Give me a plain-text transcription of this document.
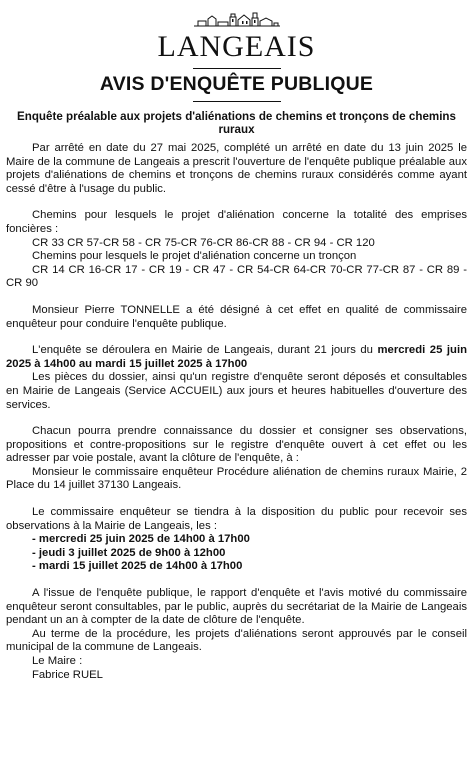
LANGEAIS
AVIS D'ENQUÊTE PUBLIQUE
Enquête préalable aux projets d'aliénations de chemins et tronçons de chemins ruraux

Par arrêté en date du 27 mai 2025, complété un arrêté en date du 13 juin 2025 le Maire de la commune de Langeais a prescrit l'ouverture de l'enquête publique préalable aux projets d'aliénations de chemins et tronçons de chemins ruraux considérés comme ayant cessé d'être à l'usage du public.

Chemins pour lesquels le projet d'aliénation concerne la totalité des emprises foncières :

CR 33 CR 57-CR 58 - CR 75-CR 76-CR 86-CR 88 - CR 94 - CR 120

Chemins pour lesquels le projet d'aliénation concerne un tronçon

CR 14 CR 16-CR 17 - CR 19 - CR 47 - CR 54-CR 64-CR 70-CR 77-CR 87 - CR 89 - CR 90

Monsieur Pierre TONNELLE a été désigné à cet effet en qualité de commissaire enquêteur pour conduire l'enquête publique.

L'enquête se déroulera en Mairie de Langeais, durant 21 jours du mercredi 25 juin 2025 à 14h00 au mardi 15 juillet 2025 à 17h00

Les pièces du dossier, ainsi qu'un registre d'enquête seront déposés et consultables en Mairie de Langeais (Service ACCUEIL) aux jours et heures habituelles d'ouverture des services.

Chacun pourra prendre connaissance du dossier et consigner ses observations, propositions et contre-propositions sur le registre d'enquête ouvert à cet effet ou les adresser par voie postale, avant la clôture de l'enquête, à :

Monsieur le commissaire enquêteur Procédure aliénation de chemins ruraux Mairie, 2 Place du 14 juillet 37130 Langeais.

Le commissaire enquêteur se tiendra à la disposition du public pour recevoir ses observations à la Mairie de Langeais, les :

- mercredi 25 juin 2025 de 14h00 à 17h00
- jeudi 3 juillet 2025 de 9h00 à 12h00
- mardi 15 juillet 2025 de 14h00 à 17h00

A l'issue de l'enquête publique, le rapport d'enquête et l'avis motivé du commissaire enquêteur seront consultables, par le public, auprès du secrétariat de la Mairie de Langeais pendant un an à compter de la date de clôture de l'enquête.

Au terme de la procédure, les projets d'aliénations seront approuvés par le conseil municipal de la commune de Langeais.

Le Maire :

Fabrice RUEL
